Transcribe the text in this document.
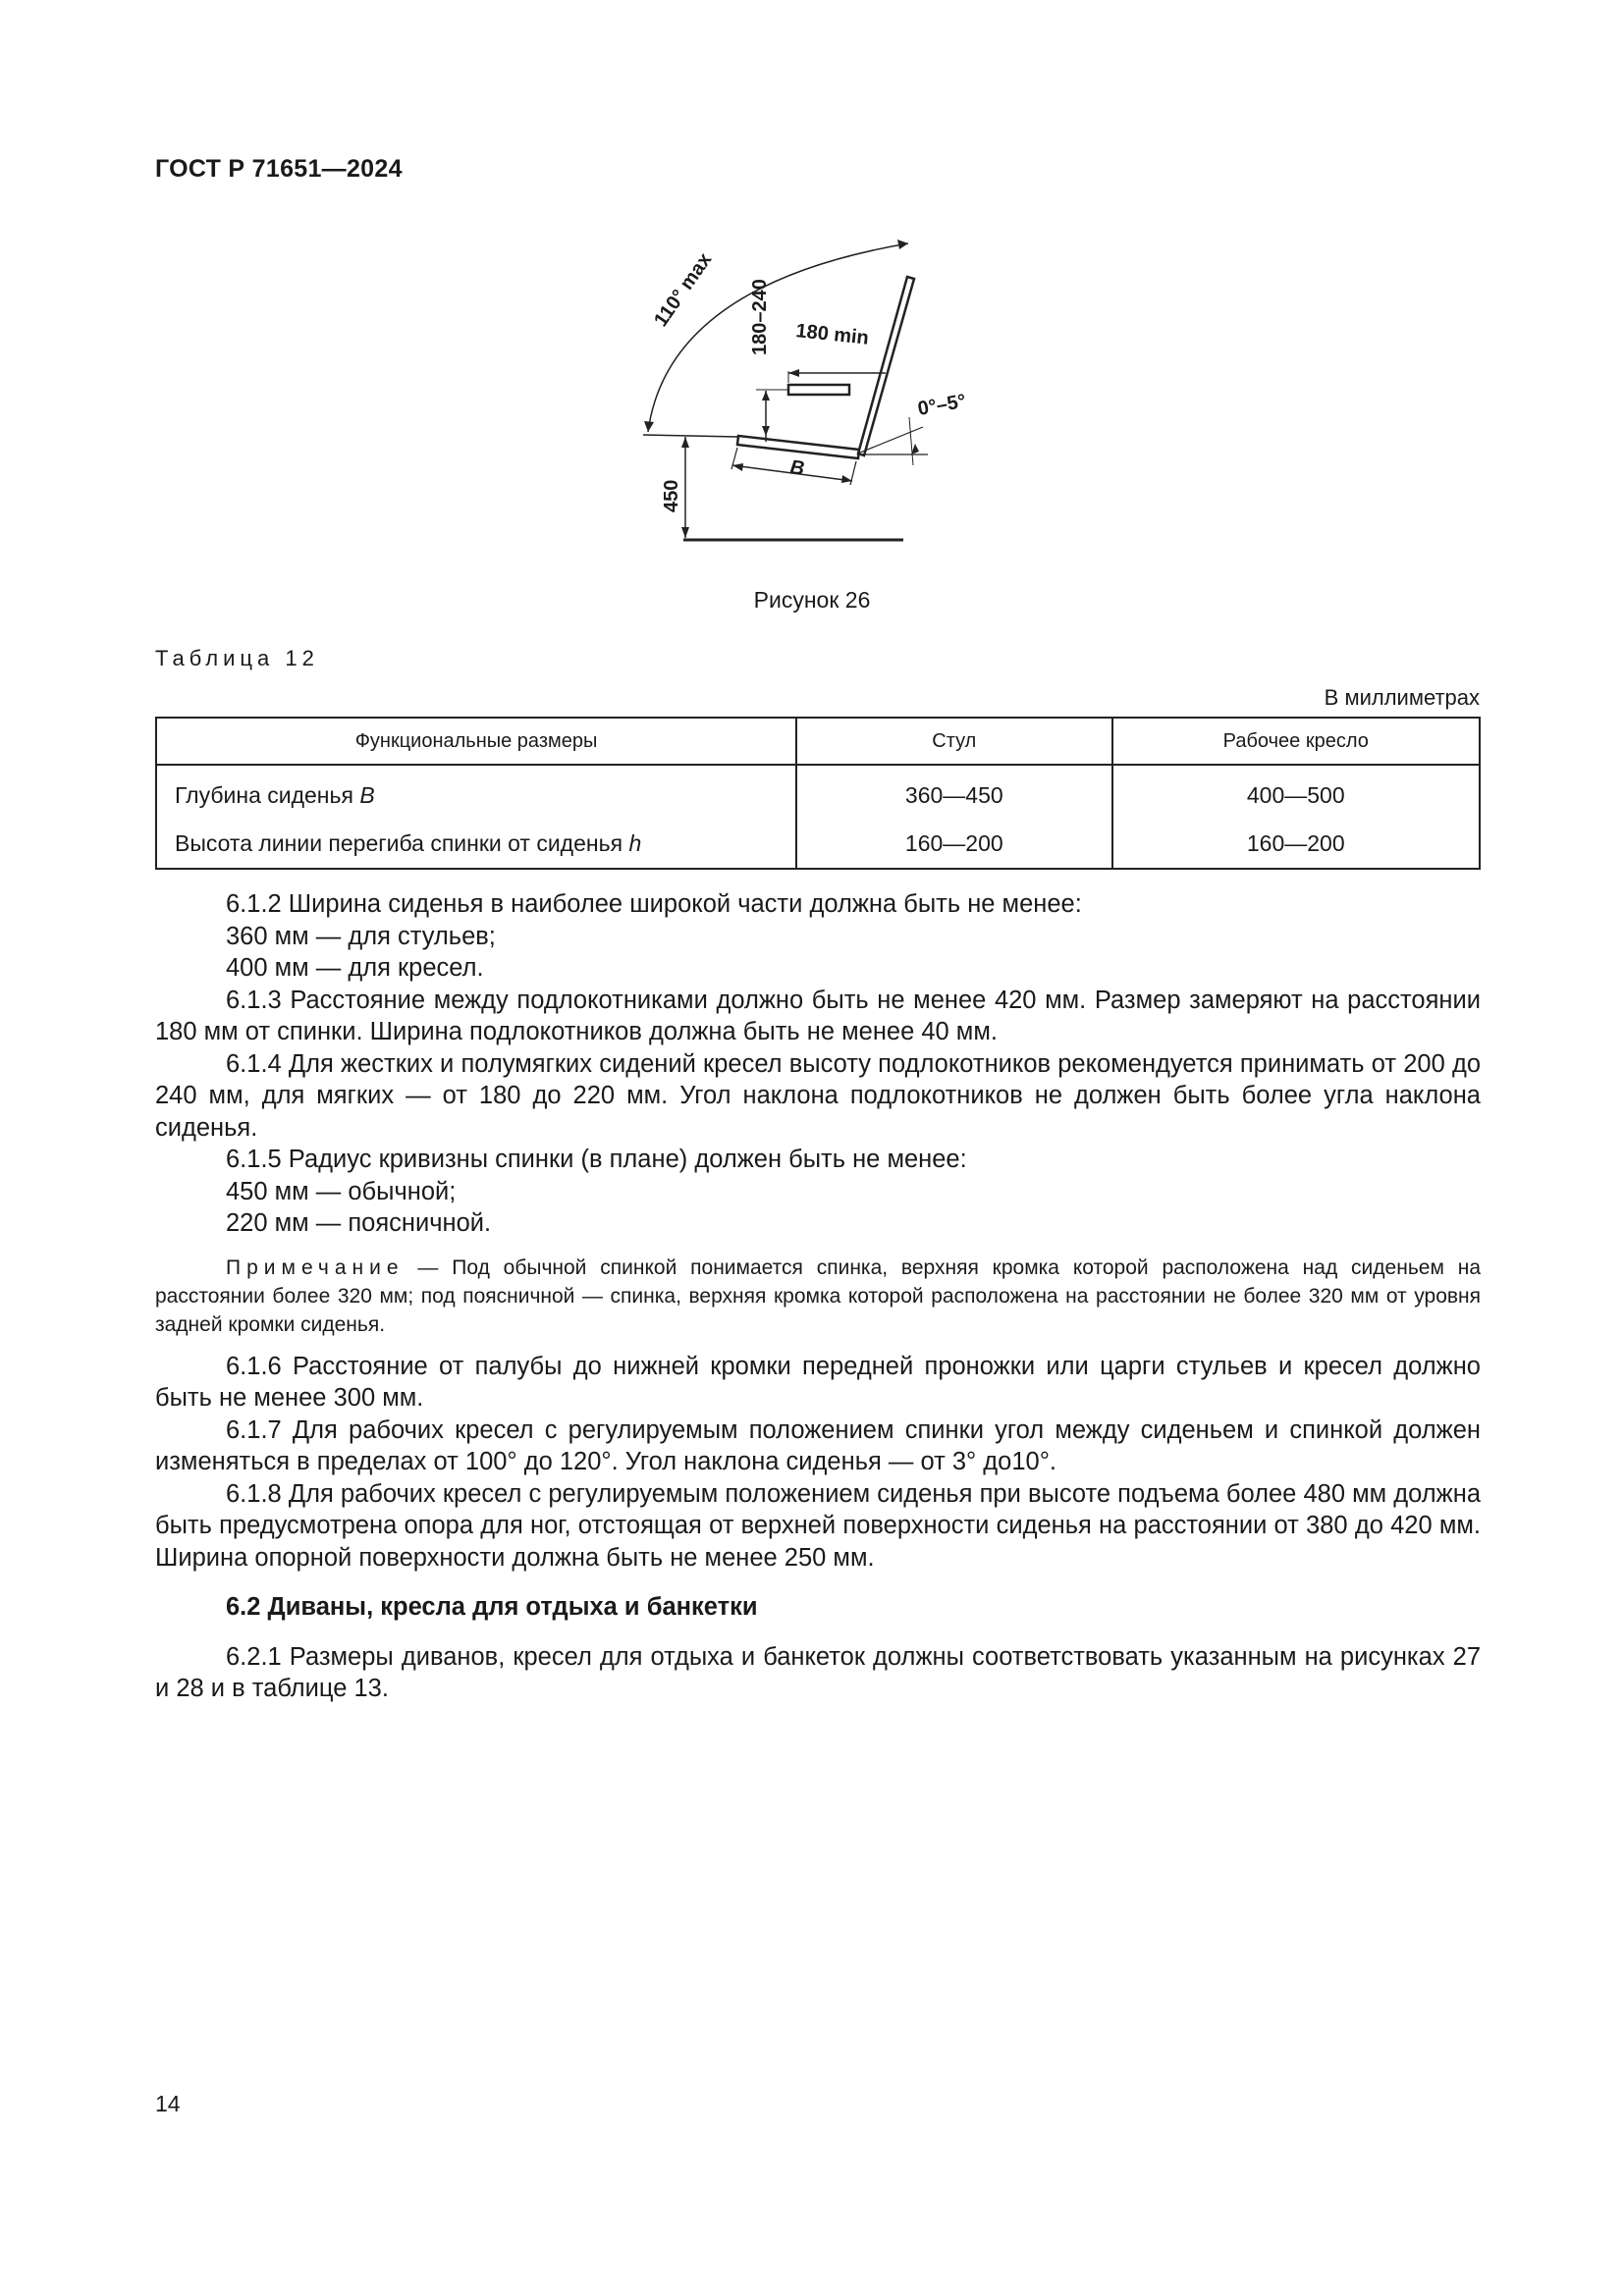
ГОСТ Р 71651—2024
110° max 180–240 180 min
0°–5°
B
450
Рисунок 26
Таблица 12
В миллиметрах
Функциональные размеры	Стул	Рабочее кресло
Глубина сиденья B	360—450	400—500
Высота линии перегиба спинки от сиденья h	160—200	160—200

6.1.2 Ширина сиденья в наиболее широкой части должна быть не менее:

360 мм — для стульев;

400 мм — для кресел.

6.1.3 Расстояние между подлокотниками должно быть не менее 420 мм. Размер замеряют на расстоянии 180 мм от спинки. Ширина подлокотников должна быть не менее 40 мм.

6.1.4 Для жестких и полумягких сидений кресел высоту подлокотников рекомендуется принимать от 200 до 240 мм, для мягких — от 180 до 220 мм. Угол наклона подлокотников не должен быть более угла наклона сиденья.

6.1.5 Радиус кривизны спинки (в плане) должен быть не менее:

450 мм — обычной;

220 мм — поясничной.

Примечание — Под обычной спинкой понимается спинка, верхняя кромка которой расположена над сиденьем на расстоянии более 320 мм; под поясничной — спинка, верхняя кромка которой расположена на расстоянии не более 320 мм от уровня задней кромки сиденья.

6.1.6 Расстояние от палубы до нижней кромки передней проножки или царги стульев и кресел должно быть не менее 300 мм.

6.1.7 Для рабочих кресел с регулируемым положением спинки угол между сиденьем и спинкой должен изменяться в пределах от 100° до 120°. Угол наклона сиденья — от 3° до10°.

6.1.8 Для рабочих кресел с регулируемым положением сиденья при высоте подъема более 480 мм должна быть предусмотрена опора для ног, отстоящая от верхней поверхности сиденья на расстоянии от 380 до 420 мм. Ширина опорной поверхности должна быть не менее 250 мм.

6.2 Диваны, кресла для отдыха и банкетки

6.2.1 Размеры диванов, кресел для отдыха и банкеток должны соответствовать указанным на рисунках 27 и 28 и в таблице 13.

14
